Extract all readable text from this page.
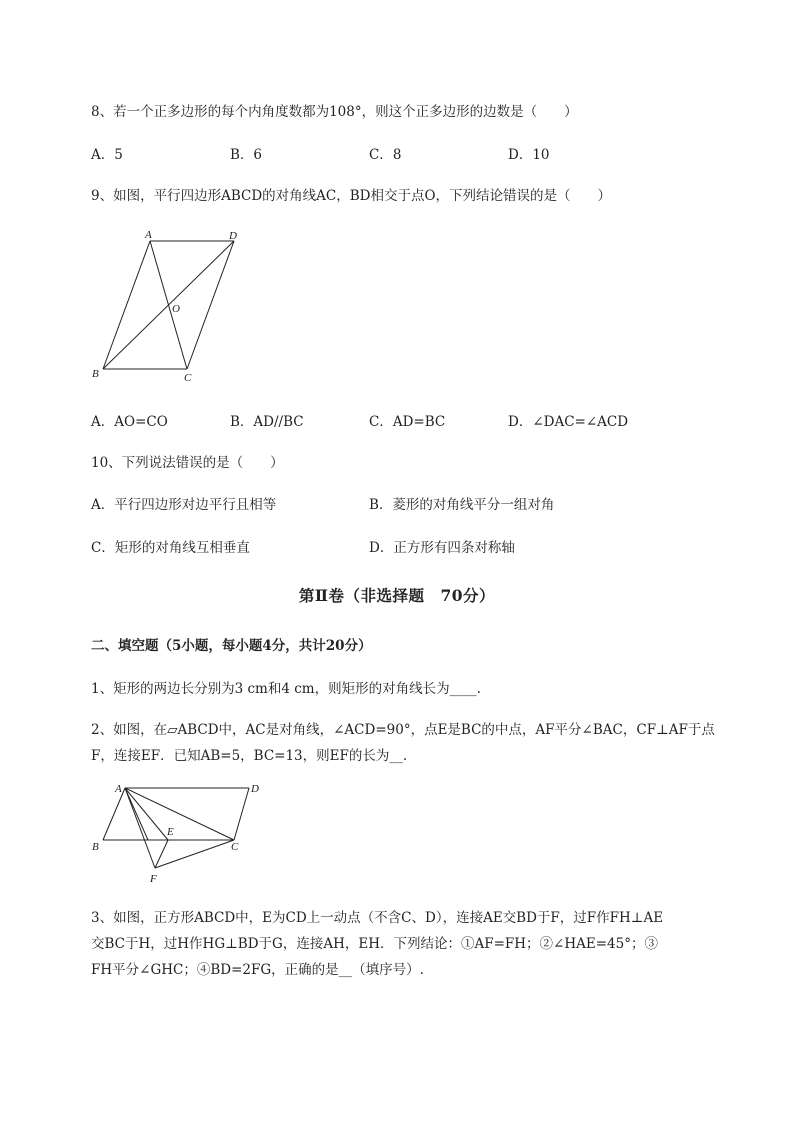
8、若一个正多边形的每个内角度数都为108°，则这个正多边形的边数是（　　）
A．5	B．6	C．8	D．10
9、如图，平行四边形ABCD的对角线AC，BD相交于点O，下列结论错误的是（　　）
A	D
O
B	C
A．AO=CO	B．AD//BC	C．AD=BC	D．∠DAC=∠ACD
10、下列说法错误的是（　　）
A．平行四边形对边平行且相等	B．菱形的对角线平分一组对角
C．矩形的对角线互相垂直	D．正方形有四条对称轴
第Ⅱ卷（非选择题　70分）
二、填空题（5小题，每小题4分，共计20分）
1、矩形的两边长分别为3 cm和4 cm，则矩形的对角线长为____.
2、如图，在▱ABCD中，AC是对角线，∠ACD=90°，点E是BC的中点，AF平分∠BAC，CF⊥AF于点
F，连接EF．已知AB=5，BC=13，则EF的长为__.
A	D
E
B	C
F
3、如图，正方形ABCD中，E为CD上一动点（不含C、D），连接AE交BD于F，过F作FH⊥AE
交BC于H，过H作HG⊥BD于G，连接AH，EH．下列结论：①AF=FH；②∠HAE=45°；③
FH平分∠GHC；④BD=2FG，正确的是__（填序号）.
